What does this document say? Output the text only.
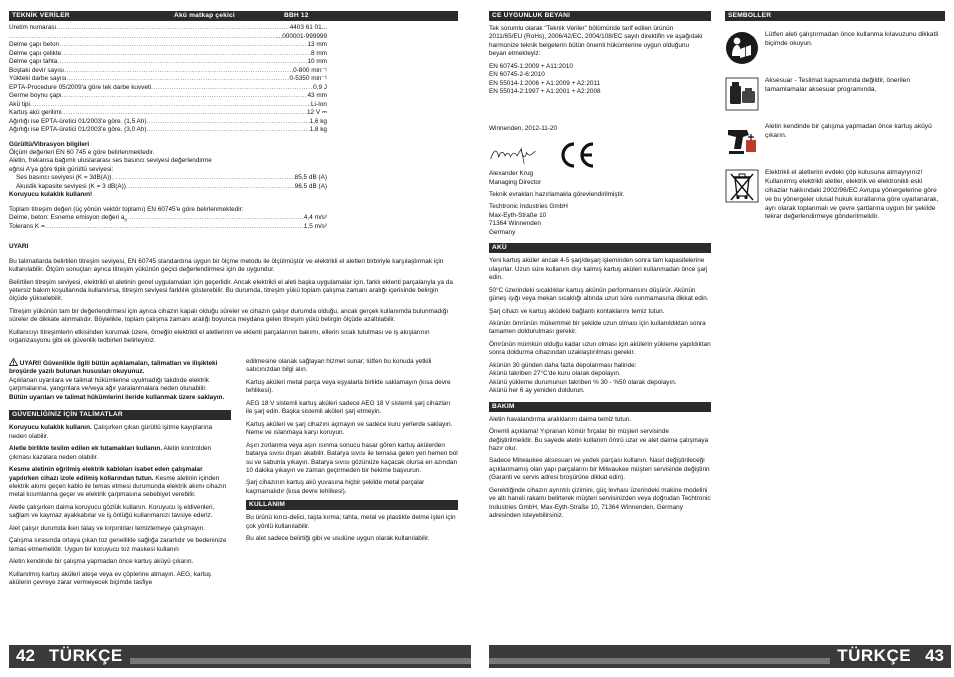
TEKNİK VERİLER	Akü matkap çekici	BBH 12
Üretim numarası .....	4403 61 01...
.....
...000001-999999
Delme çapı beton .....	13 mm
Delme çapı çelikte .....	8 mm
Delme çapı tahta .....	10 mm
Boştaki devir sayısı .....	0-800 min⁻¹
Yükteki darbe sayısı .....	0-5350 min⁻¹
EPTA-Procedure 05/2009'a göre tek darbe kuvveti .....	0,9 J
Germe boynu çapı .....	43 mm
Akü tipi .....	Li-Ion
Kartuş akü gerilimi .....	12 V ⎓
Ağırlığı ise EPTA-üretici 01/2003'e göre. (1,5 Ah) .....	1,6 kg
Ağırlığı ise EPTA-üretici 01/2003'e göre. (3,0 Ah) .....	1,8 kg
Gürültü/Vibrasyon bilgileri
Ölçüm değerleri EN 60 745 e göre belirlenmektedir.
Aletin, frekansa bağımlı uluslararası ses basıncı seviyesi değerlendirme eğrisi A'ya göre tipik gürültü seviyesi:
Ses basıncı seviyesi (K = 3dB(A)) .....	85,5 dB (A)
Akustik kapasite seviyesi (K = 3 dB(A)) .....	96,5 dB (A)
Koruyucu kulaklık kullanın!
Toplam titreşim değeri (üç yönün vektör toplamı) EN 60745'e göre belirlenmektedir:
Delme, beton: Esneme emisyon değeri $a_h$ .....	4,4 m/s²
Tolerans K = .....	1,5 m/s²
UYARI

Bu talimatlarda belirtilen titreşim seviyesi, EN 60745 standardına uygun bir ölçme metodu ile ölçülmüştür ve elektrikli el aletleri birbiriyle karşılaştırmak için kullanılabilir. Ölçüm sonuçları ayrıca titreşim yükünün geçici değerlendirmesi için de uygundur.

Belirtilen titreşim seviyesi, elektrikli el aletinin genel uygulamaları için geçerlidir. Ancak elektrikli el aleti başka uygulamalar için, farklı eklenti parçalarıyla ya da yetersiz bakım koşullarında kullanılırsa, titreşim seviyesi farklılık gösterebilir. Bu durumda, titreşim yükü toplam çalışma zamanı aralığı içerisinde belirgin ölçüde yükselebilir.

Titreşim yükünün tam bir değerlendirmesi için ayrıca cihazın kapalı olduğu süreler ve cihazın çalışır durumda olduğu, ancak gerçek kullanımda bulunmadığı süreler de dikkate alınmalıdır. Böylelikle, toplam çalışma zamanı aralığı boyunca meydana gelen titreşim yükü belirgin ölçüde azaltılabilir.

Kullanıcıyı titreşimlerin etkisinden korumak üzere, örneğin elektrikli el aletlerinin ve eklenti parçalarının bakımı, ellerin sıcak tutulması ve iş akışlarının organizasyonu gibi ek güvenlik tedbirleri belirleyiniz.

UYARI! Güvenlikle ilgili bütün açıklamaları, talimatları ve ilişikteki broşürde yazılı bulunan hususları okuyunuz.
Açıklanan uyarılara ve talimat hükümlerine uyulmadığı takdirde elektrik çarpmalarına, yangınlara ve/veya ağır yaralanmalara neden olunabilir.
Bütün uyarıları ve talimat hükümlerini ileride kullanmak üzere saklayın.
GÜVENLİĞİNİZ İÇİN TALİMATLAR

Koruyucu kulaklık kullanın. Çalışırken çıkan gürültü işitme kayıplarına neden olabilir.

Aletle birlikte teslim edilen ek tutamakları kullanın. Aletin kontrolden çıkması kazalara neden olabilir.

Kesme aletinin eğrilmiş elektrik kabloları isabet eden çalışmalar yapılırken cihazı izole edilmiş kollarından tutun. Kesme aletinin içinden elektrik akımı geçen kablo ile temas etmesi durumunda elektrik akımı cihazın metal kısımlarına geçer ve elektrik çarpmasına sebebiyet verebilir.

Aletle çalışırken daima koruyucu gözlük kullanın. Koruyucu iş eldivenleri, sağlam ve kaymaz ayakkabılar ve iş önlüğü kullanmanızı tavsiye ederiz.

Alet çalışır durumda iken talaş ve kırpıntıları temizlemeye çalışmayın.

Çalışma sırasında ortaya çıkan toz genellikle sağlığa zararlıdır ve bedeninize temas etmemelidir. Uygun bir koruyucu toz maskesi kullanın

Aletin kendinde bir çalışma yapmadan önce kartuş aküyü çıkarın.

Kullanılmış kartuş aküleri ateşe veya ev çöplerine atmayın. AEG, kartuş akülerin çevreye zarar vermeyecek biçimde tasfiye

edilmesine olanak sağlayan hizmet sunar; lütfen bu konuda yetkili satıcınızdan bilgi alın.

Kartuş aküleri metal parça veya eşyalarla birlikte saklamayın (kısa devre tehlikesi).

AEG 18 V sistemli kartuş aküleri sadece AEG 18 V sistemli şarj cihazları ile şarj edin. Başka sistemli aküleri şarj etmeyin.

Kartuş aküleri ve şarj cihazını açmayın ve sadece kuru yerlerde saklayın. Neme ve ıslanmaya karşı koruyun.

Aşırı zorlanma veya aşırı ısınma sonucu hasar gören kartuş akülerden batarya sıvısı dışarı akabilir. Batarya sıvısı ile temasa gelen yeri hemen bol su ve sabunla yıkayın. Batarya sıvısı gözünüze kaçacak olursa en azından 10 dakika yıkayın ve zaman geçirmeden bir hekime başvurun.

Şarj cihazının kartuş akü yuvasına hiçbir şekilde metal parçalar kaçmamalıdır (kısa devre tehlikesi).

KULLANIM

Bu ürünü kırıcı-delici, taşta kırma; tahta, metal ve plastikte delme işleri için çok yönlü kullanılabilir.

Bu alet sadece belirtiği gibi ve usulüne uygun olarak kullanılabilir.

42 TÜRKÇE
CE UYGUNLUK BEYANI

Tek sorumlu olarak "Teknik Veriler" bölümünde tarif edilen ürünün 2011/65/EU (RoHs), 2006/42/EC, 2004/108/EC sayılı direktifin ve aşağıdaki harmonize teknik belgelerin bütün önemli hükümlerine uygun olduğunu beyan etmekteyiz:

EN 60745-1:2009 + A11:2010
EN 60745-2-6:2010
EN 55014-1:2006 + A1:2009 + A2:2011
EN 55014-2:1997 + A1:2001 + A2:2008
Winnenden, 2012-11-20
Alexander Krug
Managing Director
Teknik evrakları hazırlamakla görevlendirilmiştir.
Techtronic Industries GmbH
Max-Eyth-Straße 10
71364 Winnenden
Germany
AKÜ

Yeni kartuş aküler ancak 4-5 şarj/deşarj işleminden sonra tam kapasitelerine ulaşırlar. Uzun süre kullanım dışı kalmış kartuş aküleri kullanmadan önce şarj edin.

50°C üzerindeki sıcaklıklar kartuş akünün performansını düşürür. Akünün güneş ışığı veya mekan sıcaklığı altında uzun süre ısınmamasına dikkat edin.

Şarj cihazı ve kartuş aküdeki bağlantı kontaklarını temiz tutun.

Akünün ömrünün mükemmel bir şekilde uzun olması için kullanıldıktan sonra tamamen doldurulması gerekir.

Ömrünün mümkün olduğu kadar uzun olması için akülerin yükleme yapıldıktan sonra doldurma cihazından uzaklaştırılması gerekir.

Akünün 30 günden daha fazla depolanması halinde:
Akünü takriben 27°C'de kuru olarak depolayın.
Akünü yükleme durumunun takriben % 30 - %50 olarak depolayın.
Akünü her 6 ay yeniden doldurun.
BAKIM

Aletin havalandırma aralıklarını daima temiz tutun.

Önemli açıklama! Yıpranan kömür fırçalar bir müşteri servisinde değiştirilmelidir. Bu sayede aletin kullanım ömrü uzar ve alet daima çalışmaya hazır olur.

Sadece Milwaukee aksesuarı ve yedek parçası kullanın. Nasıl değiştirileceği açıklanmamış olan yapı parçalarını bir Milwaukee müşteri servisinde değiştirin (Garanti ve servis adresi broşürüne dikkat edin).

Gerektiğinde cihazın ayrıntılı çizimini, güç levhası üzerindeki makine modelini ve altı haneli rakamı belirterek müşteri servisinizden veya doğrudan Techtronic Industries GmbH, Max-Eyth-Straße 10, 71364 Winnenden, Germany adresinden isteyebilirsiniz.

SEMBOLLER
Lütfen aleti çalıştırmadan önce kullanma kılavuzunu dikkatli biçimde okuyun.
Aksesuar - Teslimat kapsamında değildir, önerilen tamamlamalar aksesuar programında.
Aletin kendinde bir çalışma yapmadan önce kartuş aküyü çıkarın.
Elektrikli el aletlerini evdeki çöp kutusuna atmayıyınız! Kullanılmış elektrikli aletler, elektrik ve elektronikli eski cihazlar hakkındaki 2002/96/EC Avrupa yönergelerine göre ve bu yönergeler ulusal hukuk kurallarına göre uyarlanarak, ayrı olarak toplanmalı ve çevre şartlarına uygun bir şekilde tekrar değerlendirmeye gönderilmelidir.
43
TÜRKÇE
